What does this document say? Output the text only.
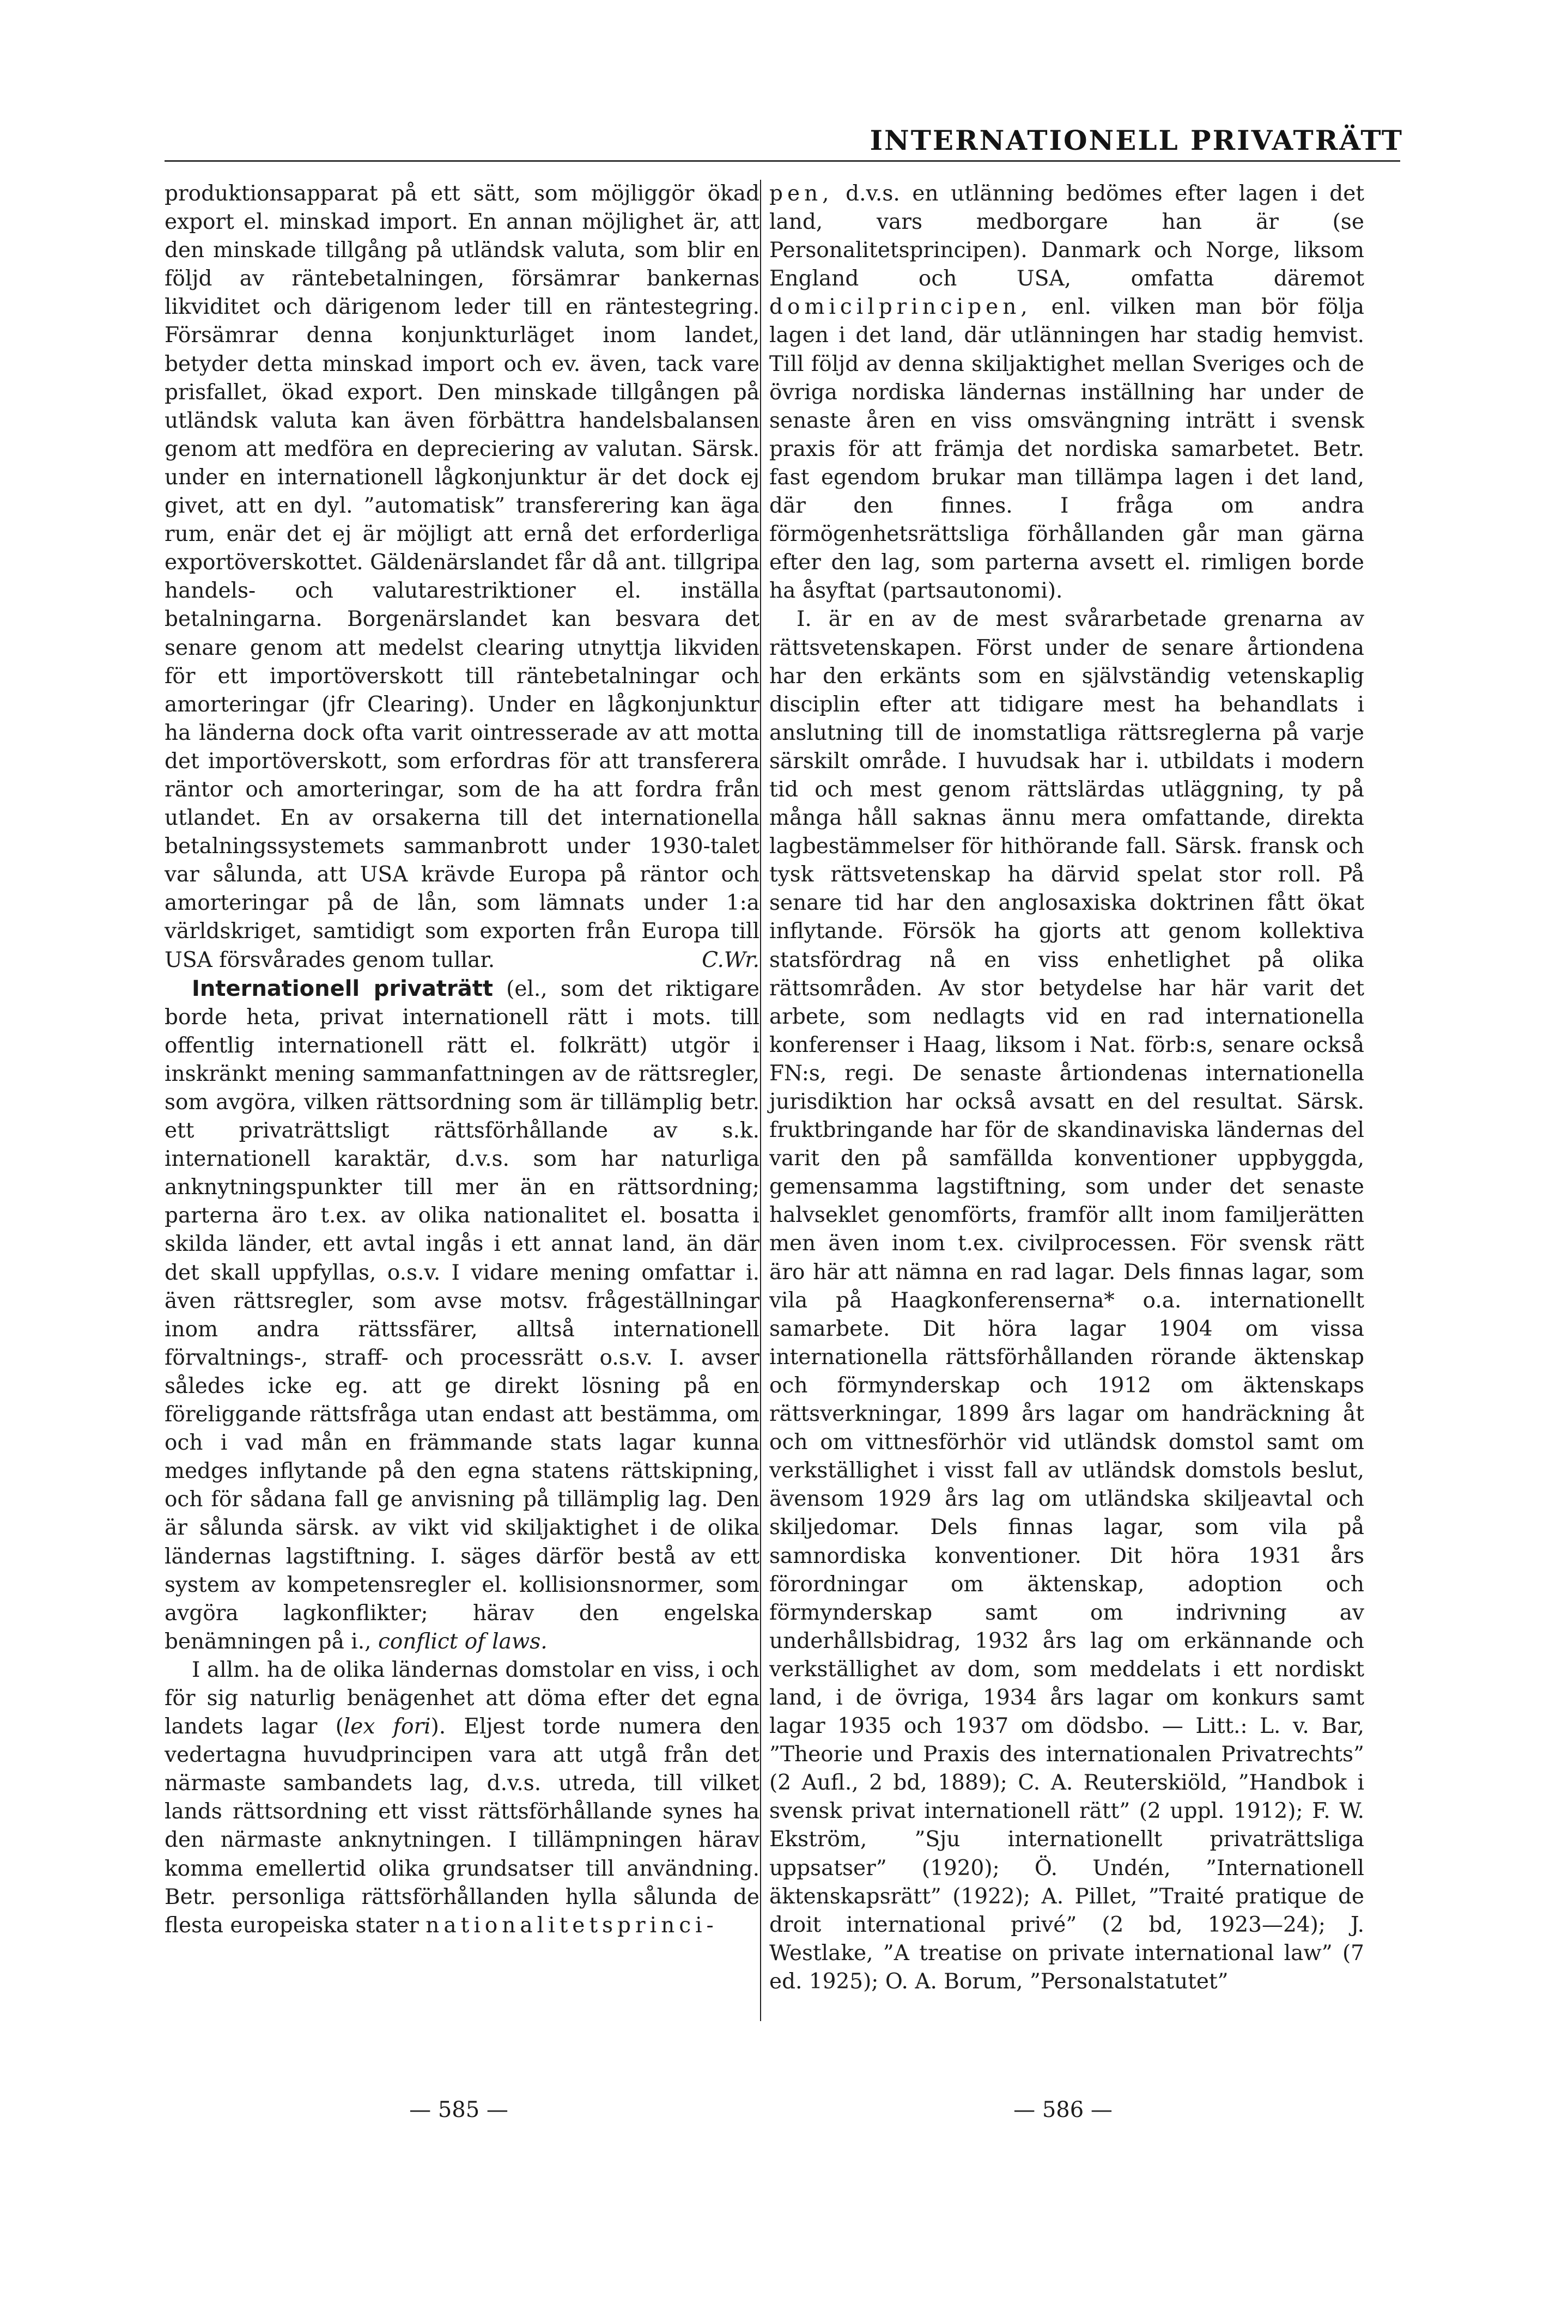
INTERNATIONELL PRIVATRÄTT

produktionsapparat på ett sätt, som möjliggör ökad export el. minskad import. En annan möjlighet är, att den minskade tillgång på utländsk valuta, som blir en följd av räntebetalningen, försämrar bankernas likviditet och därigenom leder till en räntestegring. Försämrar denna konjunkturläget inom landet, betyder detta minskad import och ev. även, tack vare prisfallet, ökad export. Den minskade tillgången på utländsk valuta kan även förbättra handelsbalansen genom att medföra en depreciering av valutan. Särsk. under en internationell lågkonjunktur är det dock ej givet, att en dyl. ”automatisk” transferering kan äga rum, enär det ej är möjligt att ernå det erforderliga exportöverskottet. Gäldenärslandet får då ant. tillgripa handels- och valutarestriktioner el. inställa betalningarna. Borgenärslandet kan besvara det senare genom att medelst clearing utnyttja likviden för ett importöverskott till räntebetalningar och amorteringar (jfr Clearing). Under en lågkonjunktur ha länderna dock ofta varit ointresserade av att motta det importöverskott, som erfordras för att transferera räntor och amorteringar, som de ha att fordra från utlandet. En av orsakerna till det internationella betalningssystemets sammanbrott under 1930-talet var sålunda, att USA krävde Europa på räntor och amorteringar på de lån, som lämnats under 1:a världskriget, samtidigt som exporten från Europa till USA försvårades genom tullar.	C.Wr.

Internationell privaträtt (el., som det riktigare borde heta, privat internationell rätt i mots. till offentlig internationell rätt el. folkrätt) utgör i inskränkt mening sammanfattningen av de rättsregler, som avgöra, vilken rättsordning som är tillämplig betr. ett privaträttsligt rättsförhållande av s.k. internationell karaktär, d.v.s. som har naturliga anknytningspunkter till mer än en rättsordning; parterna äro t.ex. av olika nationalitet el. bosatta i skilda länder, ett avtal ingås i ett annat land, än där det skall uppfyllas, o.s.v. I vidare mening omfattar i. även rättsregler, som avse motsv. frågeställningar inom andra rättssfärer, alltså internationell förvaltnings-, straff- och processrätt o.s.v. I. avser således icke eg. att ge direkt lösning på en föreliggande rättsfråga utan endast att bestämma, om och i vad mån en främmande stats lagar kunna medges inflytande på den egna statens rättskipning, och för sådana fall ge anvisning på tillämplig lag. Den är sålunda särsk. av vikt vid skiljaktighet i de olika ländernas lagstiftning. I. säges därför bestå av ett system av kompetensregler el. kollisionsnormer, som avgöra lagkonflikter; härav den engelska benämningen på i., conflict of laws.

I allm. ha de olika ländernas domstolar en viss, i och för sig naturlig benägenhet att döma efter det egna landets lagar (lex fori). Eljest torde numera den vedertagna huvudprincipen vara att utgå från det närmaste sambandets lag, d.v.s. utreda, till vilket lands rättsordning ett visst rättsförhållande synes ha den närmaste anknytningen. I tillämpningen härav komma emellertid olika grundsatser till användning. Betr. personliga rättsförhållanden hylla sålunda de flesta europeiska stater nationalitetsprinci-

pen, d.v.s. en utlänning bedömes efter lagen i det land, vars medborgare han är (se Personalitetsprincipen). Danmark och Norge, liksom England och USA, omfatta däremot domicilprincipen, enl. vilken man bör följa lagen i det land, där utlänningen har stadig hemvist. Till följd av denna skiljaktighet mellan Sveriges och de övriga nordiska ländernas inställning har under de senaste åren en viss omsvängning inträtt i svensk praxis för att främja det nordiska samarbetet. Betr. fast egendom brukar man tillämpa lagen i det land, där den finnes. I fråga om andra förmögenhetsrättsliga förhållanden går man gärna efter den lag, som parterna avsett el. rimligen borde ha åsyftat (partsautonomi).

I. är en av de mest svårarbetade grenarna av rättsvetenskapen. Först under de senare årtiondena har den erkänts som en självständig vetenskaplig disciplin efter att tidigare mest ha behandlats i anslutning till de inomstatliga rättsreglerna på varje särskilt område. I huvudsak har i. utbildats i modern tid och mest genom rättslärdas utläggning, ty på många håll saknas ännu mera omfattande, direkta lagbestämmelser för hithörande fall. Särsk. fransk och tysk rättsvetenskap ha därvid spelat stor roll. På senare tid har den anglosaxiska doktrinen fått ökat inflytande. Försök ha gjorts att genom kollektiva statsfördrag nå en viss enhetlighet på olika rättsområden. Av stor betydelse har här varit det arbete, som nedlagts vid en rad internationella konferenser i Haag, liksom i Nat. förb:s, senare också FN:s, regi. De senaste årtiondenas internationella jurisdiktion har också avsatt en del resultat. Särsk. fruktbringande har för de skandinaviska ländernas del varit den på samfällda konventioner uppbyggda, gemensamma lagstiftning, som under det senaste halvseklet genomförts, framför allt inom familjerätten men även inom t.ex. civilprocessen. För svensk rätt äro här att nämna en rad lagar. Dels finnas lagar, som vila på Haagkonferenserna* o.a. internationellt samarbete. Dit höra lagar 1904 om vissa internationella rättsförhållanden rörande äktenskap och förmynderskap och 1912 om äktenskaps rättsverkningar, 1899 års lagar om handräckning åt och om vittnesförhör vid utländsk domstol samt om verkställighet i visst fall av utländsk domstols beslut, ävensom 1929 års lag om utländska skiljeavtal och skiljedomar. Dels finnas lagar, som vila på samnordiska konventioner. Dit höra 1931 års förordningar om äktenskap, adoption och förmynderskap samt om indrivning av underhållsbidrag, 1932 års lag om erkännande och verkställighet av dom, som meddelats i ett nordiskt land, i de övriga, 1934 års lagar om konkurs samt lagar 1935 och 1937 om dödsbo. — Litt.: L. v. Bar, ”Theorie und Praxis des internationalen Privatrechts” (2 Aufl., 2 bd, 1889); C. A. Reuterskiöld, ”Handbok i svensk privat internationell rätt” (2 uppl. 1912); F. W. Ekström, ”Sju internationellt privaträttsliga uppsatser” (1920); Ö. Undén, ”Internationell äktenskapsrätt” (1922); A. Pillet, ”Traité pratique de droit international privé” (2 bd, 1923—24); J. Westlake, ”A treatise on private international law” (7 ed. 1925); O. A. Borum, ”Personalstatutet”

— 585 —	— 586 —
